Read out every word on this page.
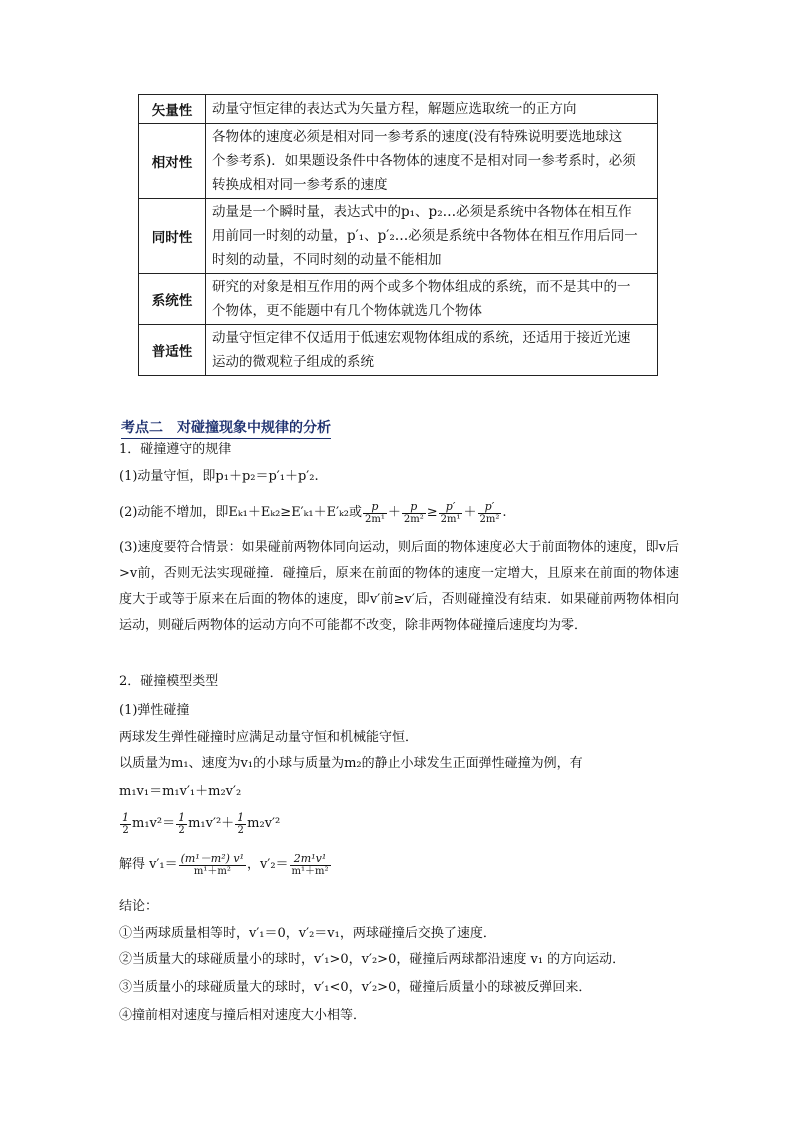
矢量性	动量守恒定律的表达式为矢量方程，解题应选取统一的正方向

相对性	各物体的速度必须是相对同一参考系的速度(没有特殊说明要选地球这
个参考系)．如果题设条件中各物体的速度不是相对同一参考系时，必须
转换成相对同一参考系的速度

同时性	动量是一个瞬时量，表达式中的p₁、p₂…必须是系统中各物体在相互作
用前同一时刻的动量，p′₁、p′₂…必须是系统中各物体在相互作用后同一
时刻的动量，不同时刻的动量不能相加

系统性	研究的对象是相互作用的两个或多个物体组成的系统，而不是其中的一
个物体，更不能题中有几个物体就选几个物体

普适性	动量守恒定律不仅适用于低速宏观物体组成的系统，还适用于接近光速
运动的微观粒子组成的系统
考点二　对碰撞现象中规律的分析
1．碰撞遵守的规律
(1)动量守恒，即p₁＋p₂＝p′₁＋p′₂.
(2)动能不增加，即Eₖ₁＋Eₖ₂≥E′ₖ₁＋E′ₖ₂或 $\frac{p}{\text{2m¹}} + \frac{p}{\text{2m²}} \ge \frac{p'}{\text{2m¹}} + \frac{p'}{\text{2m²}}$ .
(3)速度要符合情景：如果碰前两物体同向运动，则后面的物体速度必大于前面物体的速度，即v后>v前，否则无法实现碰撞．碰撞后，原来在前面的物体的速度一定增大，且原来在前面的物体速度大于或等于原来在后面的物体的速度，即v′前≥v′后，否则碰撞没有结束．如果碰前两物体相向运动，则碰后两物体的运动方向不可能都不改变，除非两物体碰撞后速度均为零．
2．碰撞模型类型
(1)弹性碰撞
两球发生弹性碰撞时应满足动量守恒和机械能守恒．
以质量为m₁、速度为v₁的小球与质量为m₂的静止小球发生正面弹性碰撞为例，有
m₁v₁＝m₁v′₁＋m₂v′₂
$\frac{1}{2} m_1v^2= \frac{1}{2} m_1v'^2+ \frac{1}{2} m_2v'^2$
解得 $v'_1= \frac{\text{(m¹－m²) v¹}}{\text{m¹＋m²}}$ ，$v'_2= \frac{\text{2m¹v¹}}{\text{m¹＋m²}}$
结论：
①当两球质量相等时，v′₁＝0，v′₂＝v₁，两球碰撞后交换了速度．
②当质量大的球碰质量小的球时，v′₁>0，v′₂>0，碰撞后两球都沿速度 v₁ 的方向运动．
③当质量小的球碰质量大的球时，v′₁<0，v′₂>0，碰撞后质量小的球被反弹回来．
④撞前相对速度与撞后相对速度大小相等．
